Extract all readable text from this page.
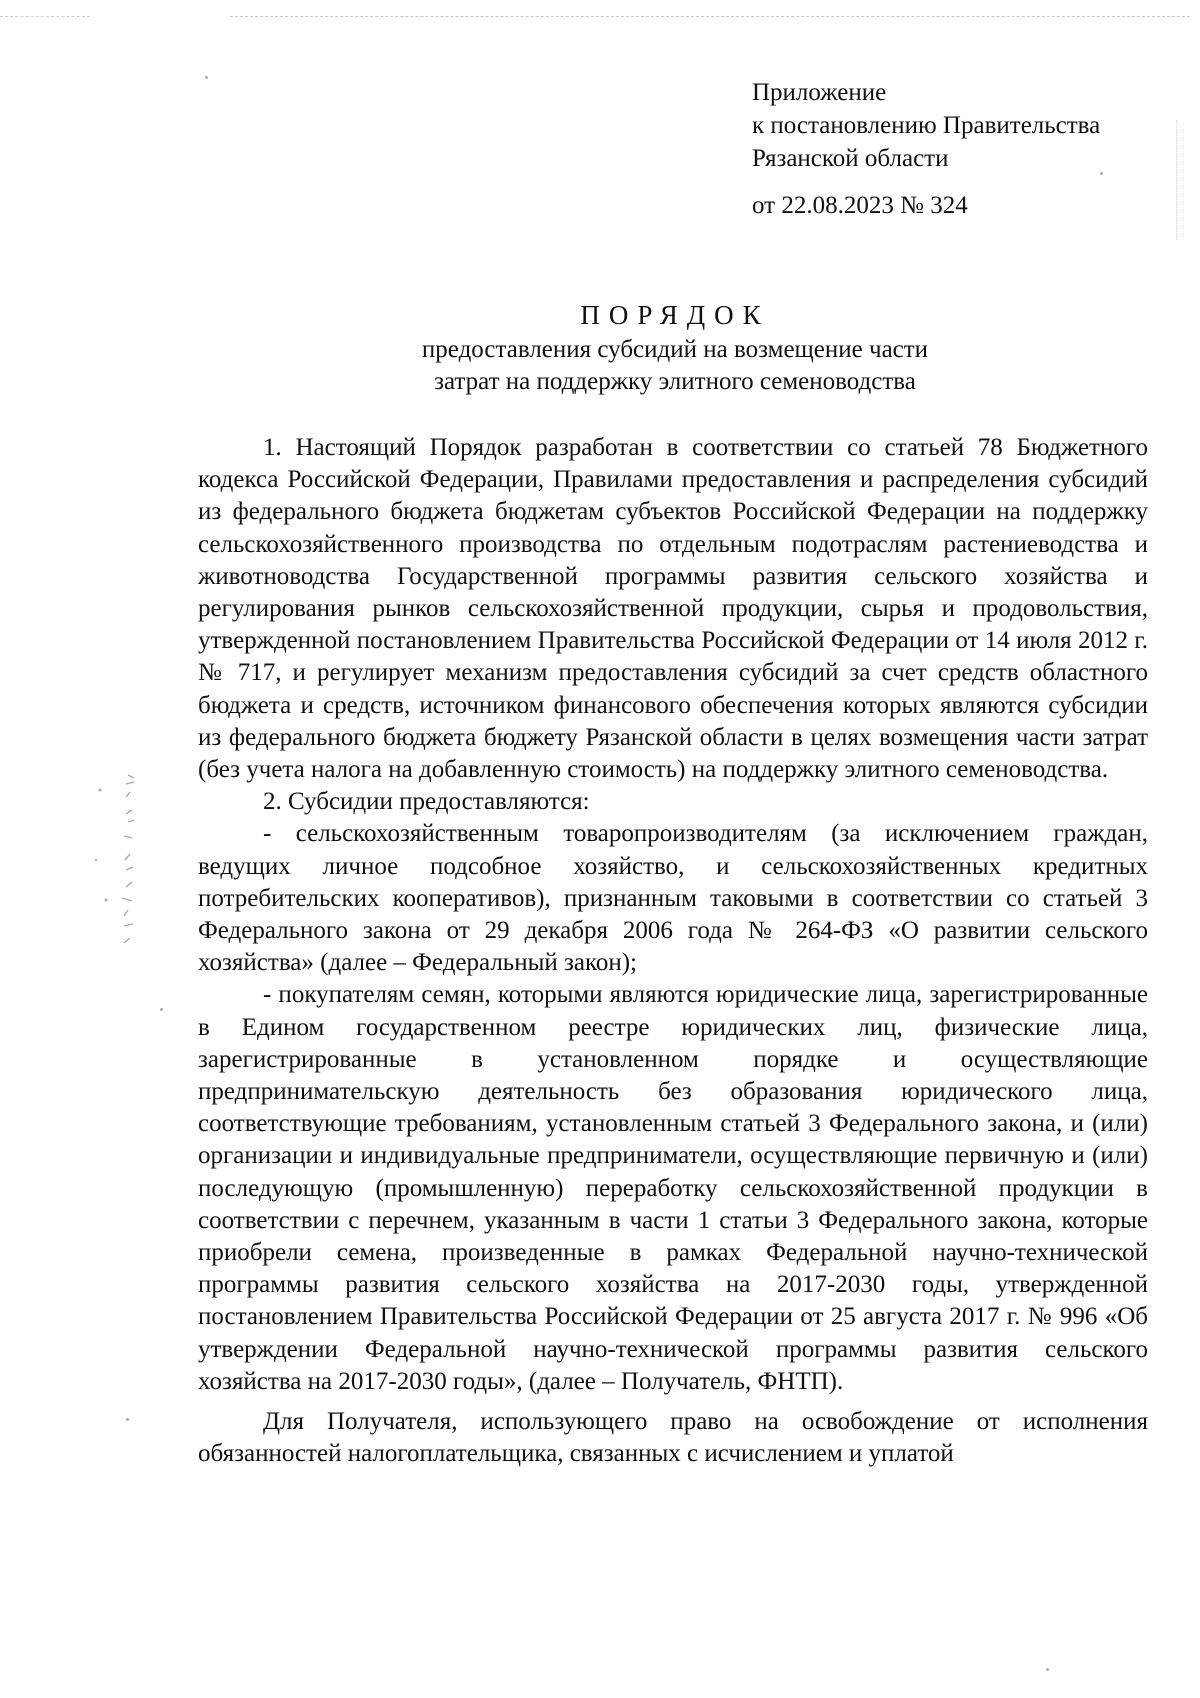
Приложение
к постановлению Правительства
Рязанской области
от 22.08.2023 № 324
ПОРЯДОК
предоставления субсидий на возмещение части
затрат на поддержку элитного семеноводства

1. Настоящий Порядок разработан в соответствии со статьей 78 Бюджетного кодекса Российской Федерации, Правилами предоставления и распределения субсидий из федерального бюджета бюджетам субъектов Российской Федерации на поддержку сельскохозяйственного производства по отдельным подотраслям растениеводства и животноводства Государственной программы развития сельского хозяйства и регулирования рынков сельскохозяйственной продукции, сырья и продовольствия, утвержденной постановлением Правительства Российской Федерации от 14 июля 2012 г. № 717, и регулирует механизм предоставления субсидий за счет средств областного бюджета и средств, источником финансового обеспечения которых являются субсидии из федерального бюджета бюджету Рязанской области в целях возмещения части затрат (без учета налога на добавленную стоимость) на поддержку элитного семеноводства.

2. Субсидии предоставляются:

- сельскохозяйственным товаропроизводителям (за исключением граждан, ведущих личное подсобное хозяйство, и сельскохозяйственных кредитных потребительских кооперативов), признанным таковыми в соответствии со статьей 3 Федерального закона от 29 декабря 2006 года № 264-ФЗ «О развитии сельского хозяйства» (далее – Федеральный закон);

- покупателям семян, которыми являются юридические лица, зарегистрированные в Едином государственном реестре юридических лиц, физические лица, зарегистрированные в установленном порядке и осуществляющие предпринимательскую деятельность без образования юридического лица, соответствующие требованиям, установленным статьей 3 Федерального закона, и (или) организации и индивидуальные предприниматели, осуществляющие первичную и (или) последующую (промышленную) переработку сельскохозяйственной продукции в соответствии с перечнем, указанным в части 1 статьи 3 Федерального закона, которые приобрели семена, произведенные в рамках Федеральной научно-технической программы развития сельского хозяйства на 2017-2030 годы, утвержденной постановлением Правительства Российской Федерации от 25 августа 2017 г. № 996 «Об утверждении Федеральной научно-технической программы развития сельского хозяйства на 2017-2030 годы», (далее – Получатель, ФНТП).

Для Получателя, использующего право на освобождение от исполнения обязанностей налогоплательщика, связанных с исчислением и уплатой
